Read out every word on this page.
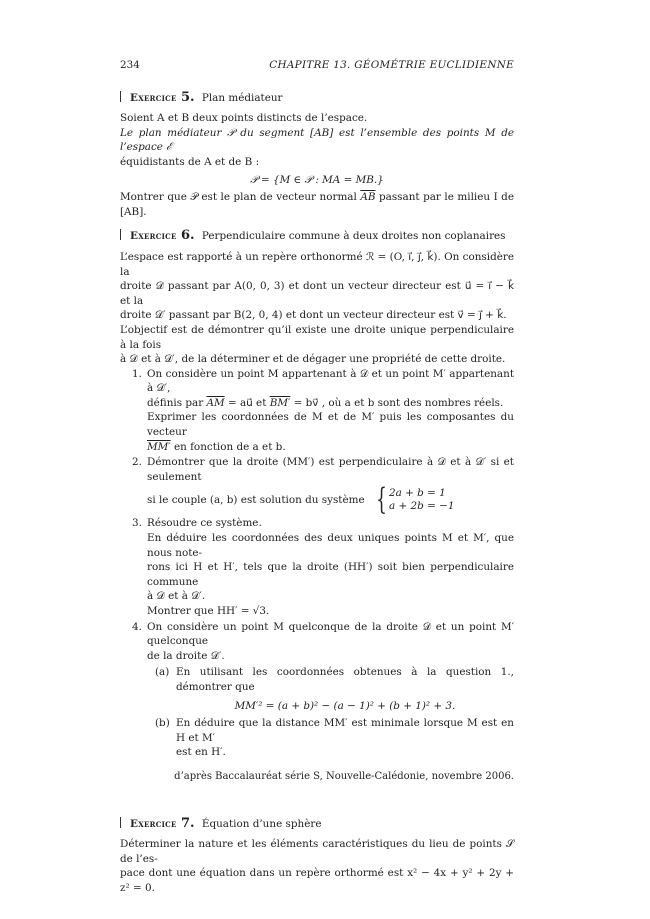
234	CHAPITRE 13. GÉOMÉTRIE EUCLIDIENNE
Exercice 5. Plan médiateur

Soient A et B deux points distincts de l’espace.

Le plan médiateur 𝒫 du segment [AB] est l’ensemble des points M de l’espace ℰ

équidistants de A et de B :

𝒫 = {M ∈ 𝒫 : MA = MB.}

Montrer que 𝒫 est le plan de vecteur normal $\overline{AB}$ passant par le milieu I de [AB].

Exercice 6. Perpendiculaire commune à deux droites non coplanaires

L’espace est rapporté à un repère orthonormé ℛ = (O, i⃗, j⃗, k⃗). On considère la

droite 𝒟 passant par A(0, 0, 3) et dont un vecteur directeur est u⃗ = i⃗ − k⃗ et la

droite 𝒟′ passant par B(2, 0, 4) et dont un vecteur directeur est v⃗ = j⃗ + k⃗.

L’objectif est de démontrer qu’il existe une droite unique perpendiculaire à la fois

à 𝒟 et à 𝒟′, de la déterminer et de dégager une propriété de cette droite.

1. On considère un point M appartenant à 𝒟 et un point M′ appartenant à 𝒟′,

définis par $\overline{AM}$ = au⃗ et BM′ = bv⃗ , où a et b sont des nombres réels.

Exprimer les coordonnées de M et de M′ puis les composantes du vecteur

MM′ en fonction de a et b.

2. Démontrer que la droite (MM′) est perpendiculaire à 𝒟 et à 𝒟′ si et seulement

si le couple (a, b) est solution du système { 2a + b = 1
a + 2b = −1

3. Résoudre ce système.

En déduire les coordonnées des deux uniques points M et M′, que nous note-

rons ici H et H′, tels que la droite (HH′) soit bien perpendiculaire commune

à 𝒟 et à 𝒟′.

Montrer que HH′ = √3.

4. On considère un point M quelconque de la droite 𝒟 et un point M′ quelconque

de la droite 𝒟′.

(a) En utilisant les coordonnées obtenues à la question 1., démontrer que

MM′² = (a + b)² − (a − 1)² + (b + 1)² + 3.

(b) En déduire que la distance MM′ est minimale lorsque M est en H et M′

est en H′.

d’après Baccalauréat série S, Nouvelle-Calédonie, novembre 2006.

Exercice 7. Équation d’une sphère

Déterminer la nature et les éléments caractéristiques du lieu de points 𝒮 de l’es-

pace dont une équation dans un repère orthormé est x² − 4x + y² + 2y + z² = 0.
